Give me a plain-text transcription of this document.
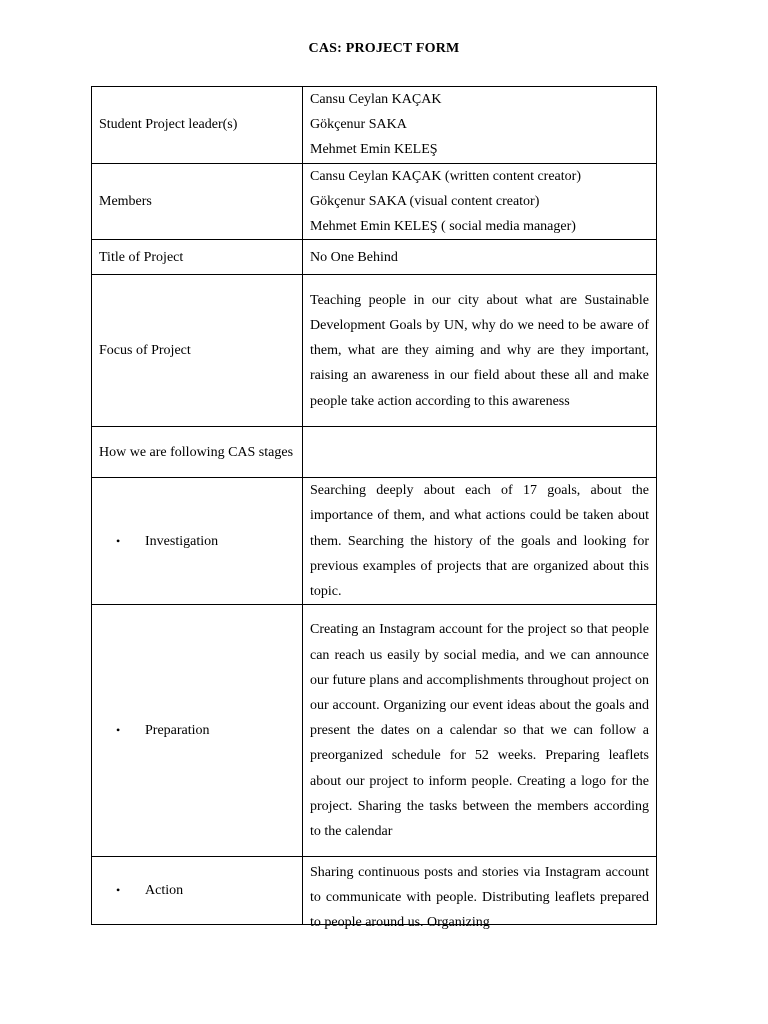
CAS: PROJECT FORM
Student Project leader(s)	Cansu Ceylan KAÇAK
Gökçenur SAKA
Mehmet Emin KELEŞ

Members	Cansu Ceylan KAÇAK (written content creator)
Gökçenur SAKA (visual content creator)
Mehmet Emin KELEŞ ( social media manager)

Title of Project	No One Behind
Focus of Project	Teaching people in our city about what are Sustainable Development Goals by UN, why do we need to be aware of them, what are they aiming and why are they important, raising an awareness in our field about these all and make people take action according to this awareness
How we are following CAS stages	
• Investigation	Searching deeply about each of 17 goals, about the importance of them, and what actions could be taken about them. Searching the history of the goals and looking for previous examples of projects that are organized about this topic.
• Preparation	Creating an Instagram account for the project so that people can reach us easily by social media, and we can announce our future plans and accomplishments throughout project on our account. Organizing our event ideas about the goals and present the dates on a calendar so that we can follow a preorganized schedule for 52 weeks. Preparing leaflets about our project to inform people. Creating a logo for the project. Sharing the tasks between the members according to the calendar
• Action	Sharing continuous posts and stories via Instagram account to communicate with people. Distributing leaflets prepared to people around us. Organizing
